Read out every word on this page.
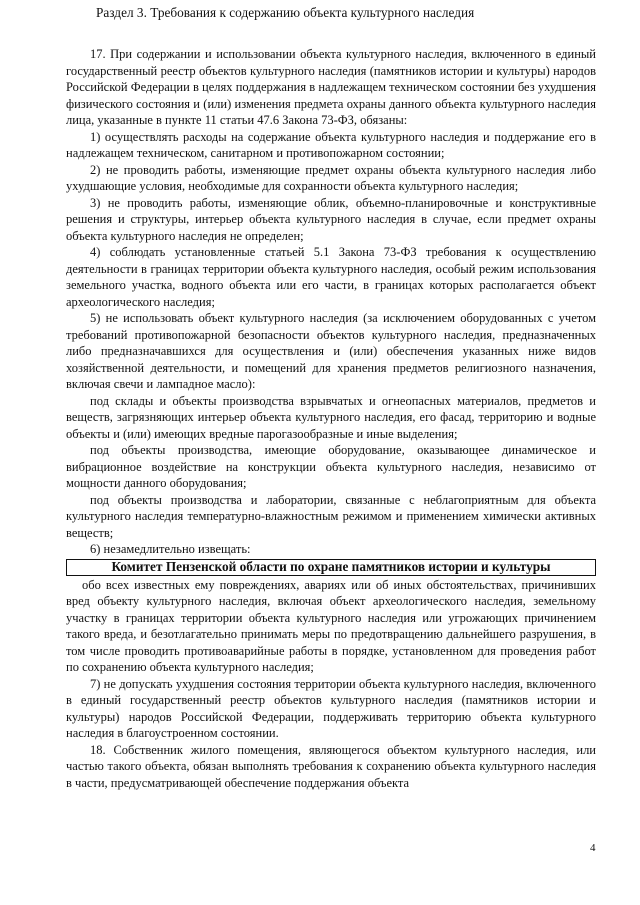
Раздел 3. Требования к содержанию объекта культурного наследия

17. При содержании и использовании объекта культурного наследия, включенного в единый государственный реестр объектов культурного наследия (памятников истории и культуры) народов Российской Федерации в целях поддержания в надлежащем техническом состоянии без ухудшения физического состояния и (или) изменения предмета охраны данного объекта культурного наследия лица, указанные в пункте 11 статьи 47.6 Закона 73-ФЗ, обязаны:

1) осуществлять расходы на содержание объекта культурного наследия и поддержание его в надлежащем техническом, санитарном и противопожарном состоянии;

2) не проводить работы, изменяющие предмет охраны объекта культурного наследия либо ухудшающие условия, необходимые для сохранности объекта культурного наследия;

3) не проводить работы, изменяющие облик, объемно-планировочные и конструктивные решения и структуры, интерьер объекта культурного наследия в случае, если предмет охраны объекта культурного наследия не определен;

4) соблюдать установленные статьей 5.1 Закона 73-ФЗ требования к осуществлению деятельности в границах территории объекта культурного наследия, особый режим использования земельного участка, водного объекта или его части, в границах которых располагается объект археологического наследия;

5) не использовать объект культурного наследия (за исключением оборудованных с учетом требований противопожарной безопасности объектов культурного наследия, предназначенных либо предназначавшихся для осуществления и (или) обеспечения указанных ниже видов хозяйственной деятельности, и помещений для хранения предметов религиозного назначения, включая свечи и лампадное масло):

под склады и объекты производства взрывчатых и огнеопасных материалов, предметов и веществ, загрязняющих интерьер объекта культурного наследия, его фасад, территорию и водные объекты и (или) имеющих вредные парогазообразные и иные выделения;

под объекты производства, имеющие оборудование, оказывающее динамическое и вибрационное воздействие на конструкции объекта культурного наследия, независимо от мощности данного оборудования;

под объекты производства и лаборатории, связанные с неблагоприятным для объекта культурного наследия температурно-влажностным режимом и применением химически активных веществ;

6) незамедлительно извещать:

Комитет Пензенской области по охране памятников истории и культуры

обо всех известных ему повреждениях, авариях или об иных обстоятельствах, причинивших вред объекту культурного наследия, включая объект археологического наследия, земельному участку в границах территории объекта культурного наследия или угрожающих причинением такого вреда, и безотлагательно принимать меры по предотвращению дальнейшего разрушения, в том числе проводить противоаварийные работы в порядке, установленном для проведения работ по сохранению объекта культурного наследия;

7) не допускать ухудшения состояния территории объекта культурного наследия, включенного в единый государственный реестр объектов культурного наследия (памятников истории и культуры) народов Российской Федерации, поддерживать территорию объекта культурного наследия в благоустроенном состоянии.

18. Собственник жилого помещения, являющегося объектом культурного наследия, или частью такого объекта, обязан выполнять требования к сохранению объекта культурного наследия в части, предусматривающей обеспечение поддержания объекта

4
